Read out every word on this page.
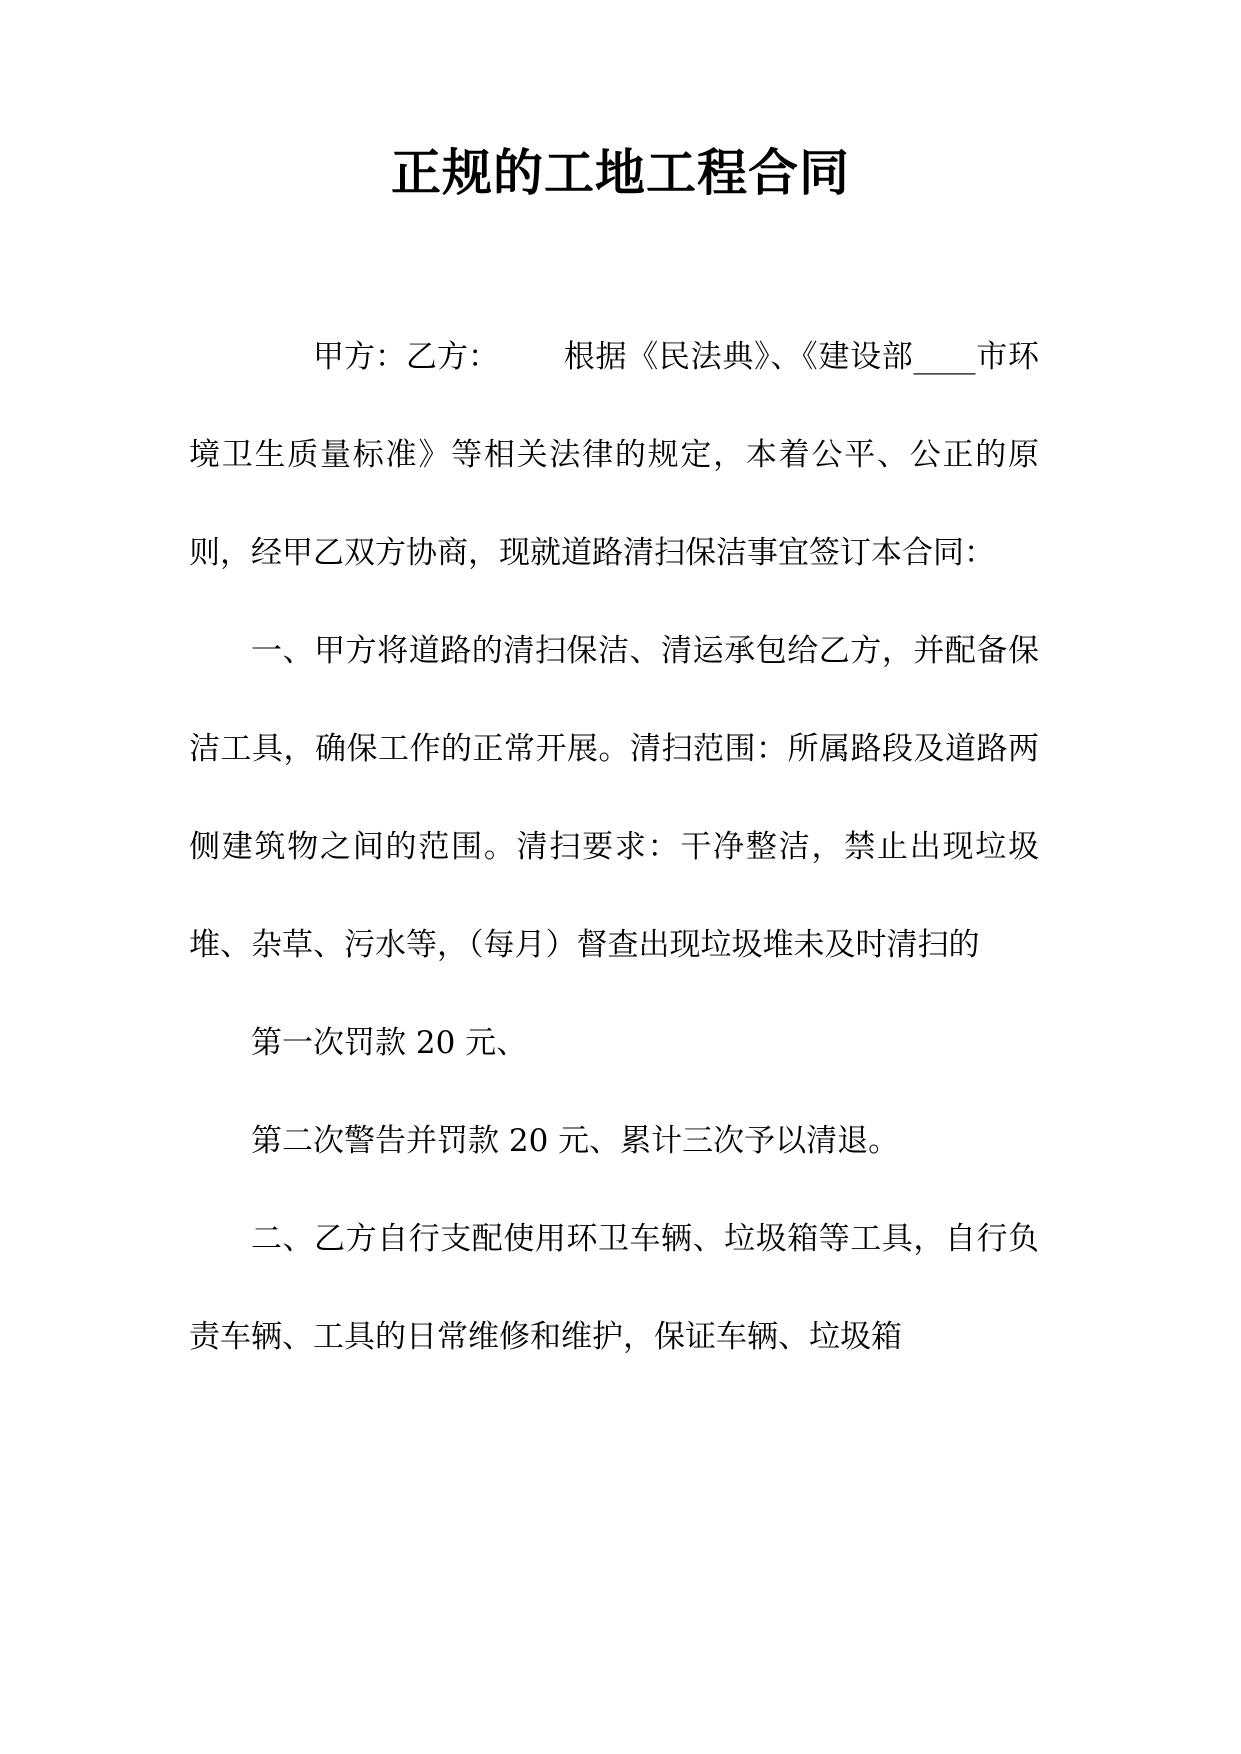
正规的工地工程合同

甲方：乙方： 根据《民法典》、《建设部____市环境卫生质量标准》等相关法律的规定，本着公平、公正的原则，经甲乙双方协商，现就道路清扫保洁事宜签订本合同：

一、甲方将道路的清扫保洁、清运承包给乙方，并配备保洁工具，确保工作的正常开展。清扫范围：所属路段及道路两侧建筑物之间的范围。清扫要求：干净整洁，禁止出现垃圾堆、杂草、污水等，（每月）督查出现垃圾堆未及时清扫的

第一次罚款 20 元、

第二次警告并罚款 20 元、累计三次予以清退。

二、乙方自行支配使用环卫车辆、垃圾箱等工具，自行负责车辆、工具的日常维修和维护，保证车辆、垃圾箱
